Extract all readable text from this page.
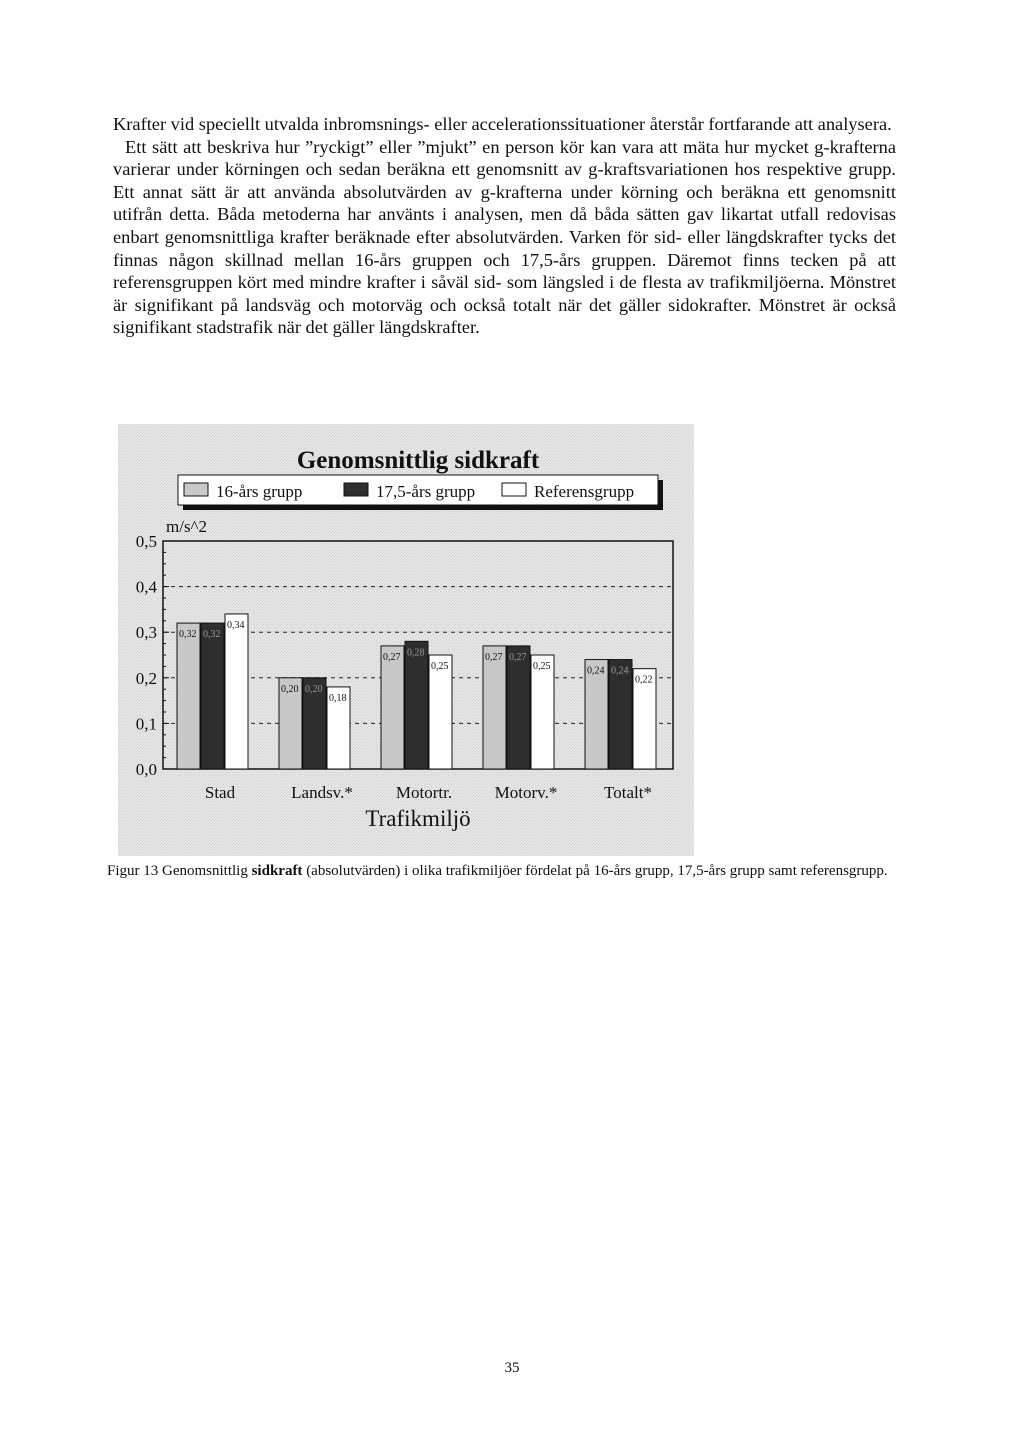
Krafter vid speciellt utvalda inbromsnings- eller accelerationssituationer återstår fortfarande att analysera.

Ett sätt att beskriva hur ”ryckigt” eller ”mjukt” en person kör kan vara att mäta hur mycket g-krafterna varierar under körningen och sedan beräkna ett genomsnitt av g-kraftsvariationen hos respektive grupp. Ett annat sätt är att använda absolutvärden av g-krafterna under körning och beräkna ett genomsnitt utifrån detta. Båda metoderna har använts i analysen, men då båda sätten gav likartat utfall redovisas enbart genomsnittliga krafter beräknade efter absolutvärden. Varken för sid- eller längdskrafter tycks det finnas någon skillnad mellan 16-års gruppen och 17,5-års gruppen. Däremot finns tecken på att referensgruppen kört med mindre krafter i såväl sid- som längsled i de flesta av trafikmiljöerna. Mönstret är signifikant på landsväg och motorväg och också totalt när det gäller sidokrafter. Mönstret är också signifikant stadstrafik när det gäller längdskrafter.

Genomsnittlig sidkraft
16-års grupp	17,5-års grupp	Referensgrupp
m/s^2
0,0
0,1
0,2
0,3
0,4
0,5
0,32 0,32
0,34
Stad
0,20 0,20
0,18
Landsv.*
0,27 0,28
0,25
Motortr.
0,27 0,27
0,25
Motorv.*
0,24 0,24
0,22
Totalt*
Trafikmiljö
Figur 13 Genomsnittlig sidkraft (absolutvärden) i olika trafikmiljöer fördelat på 16-års grupp, 17,5-års grupp samt referensgrupp.
35
